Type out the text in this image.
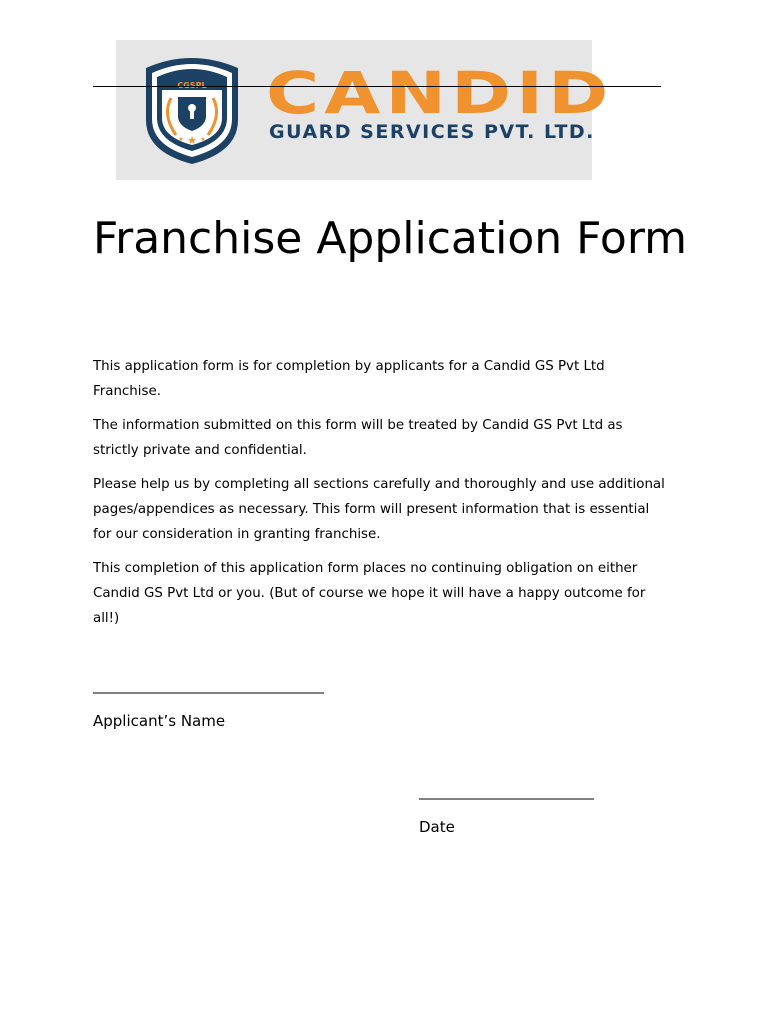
★
★	★
CGSPL CANDID
GUARD SERVICES PVT. LTD.
Franchise Application Form

This application form is for completion by applicants for a Candid GS Pvt Ltd Franchise.

The information submitted on this form will be treated by Candid GS Pvt Ltd as strictly private and confidential.

Please help us by completing all sections carefully and thoroughly and use additional pages/appendices as necessary. This form will present information that is essential for our consideration in granting franchise.

This completion of this application form places no continuing obligation on either Candid GS Pvt Ltd or you. (But of course we hope it will have a happy outcome for all!)

_________________________________
Applicant’s Name
_________________________
Date
